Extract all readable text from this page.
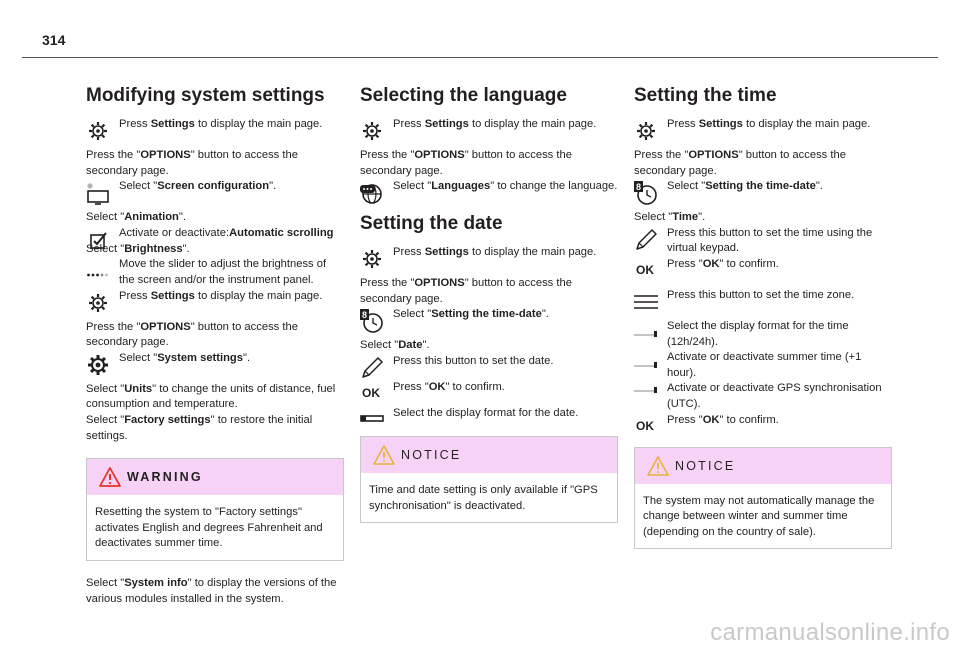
314
Modifying system settings
Press Settings to display the main page.

Press the "OPTIONS" button to access the secondary page.

Select "Screen configuration".

Select "Animation".

Activate or deactivate:Automatic scrolling

Select "Brightness".

Move the slider to adjust the brightness of the screen and/or the instrument panel.
Press Settings to display the main page.

Press the "OPTIONS" button to access the secondary page.

Select "System settings".

Select "Units" to change the units of distance, fuel consumption and temperature.

Select "Factory settings" to restore the initial settings.

WARNING
Resetting the system to "Factory settings" activates English and degrees Fahrenheit and deactivates summer time.

Select "System info" to display the versions of the various modules installed in the system.

Selecting the language
Press Settings to display the main page.

Press the "OPTIONS" button to access the secondary page.

Select "Languages" to change the language.
Setting the date
Press Settings to display the main page.

Press the "OPTIONS" button to access the secondary page.

8 Select "Setting the time-date".

Select "Date".

Press this button to set the date.
OK Press "OK" to confirm.
Select the display format for the date.
NOTICE
Time and date setting is only available if "GPS synchronisation" is deactivated.
Setting the time
Press Settings to display the main page.

Press the "OPTIONS" button to access the secondary page.

8 Select "Setting the time-date".

Select "Time".

Press this button to set the time using the virtual keypad.
OK Press "OK" to confirm.
Press this button to set the time zone.
Select the display format for the time (12h/24h).
Activate or deactivate summer time (+1 hour).
Activate or deactivate GPS synchronisation (UTC).
OK Press "OK" to confirm.
NOTICE
The system may not automatically manage the change between winter and summer time (depending on the country of sale).
carmanualsonline.info
